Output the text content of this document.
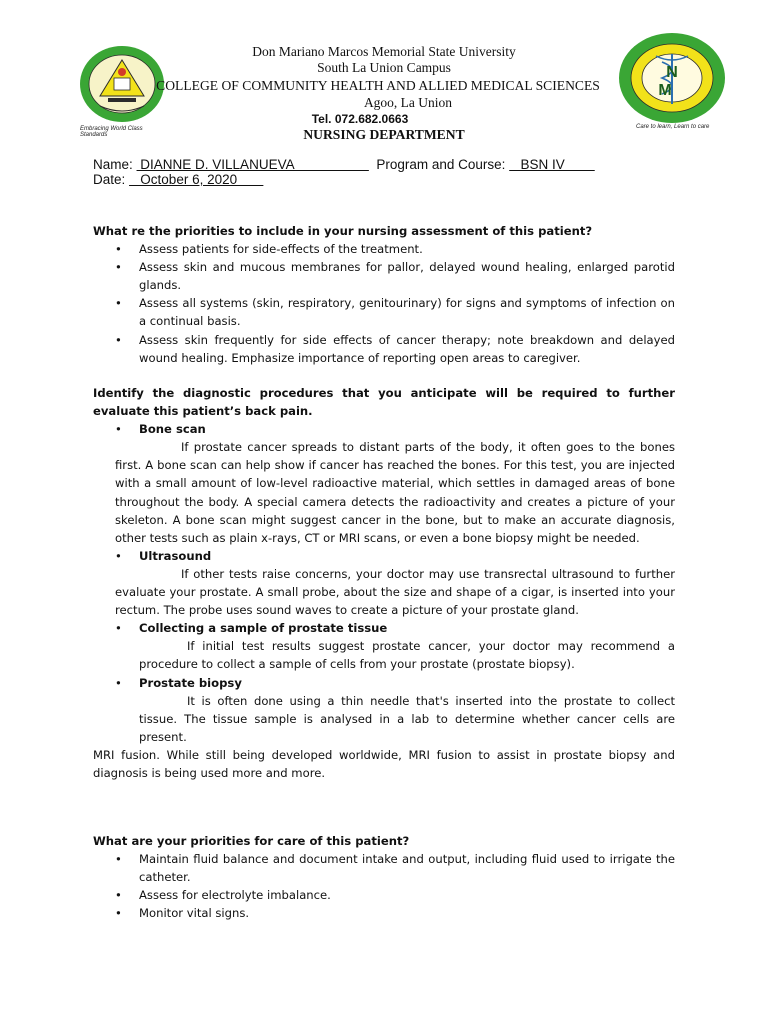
Embracing World Class Standards
N M
Care to learn, Learn to care
Don Mariano Marcos Memorial State University
South La Union Campus
COLLEGE OF COMMUNITY HEALTH AND ALLIED MEDICAL SCIENCES
Agoo, La Union
Tel. 072.682.0663
NURSING DEPARTMENT
Name:  DIANNE D. VILLANUEVA                      Program and Course:    BSN IV
Date:    October 6, 2020

What re the priorities to include in your nursing assessment of this patient?

• Assess patients for side-effects of the treatment.
• Assess skin and mucous membranes for pallor, delayed wound healing, enlarged parotid glands.
• Assess all systems (skin, respiratory, genitourinary) for signs and symptoms of infection on a continual basis.
• Assess skin frequently for side effects of cancer therapy; note breakdown and delayed wound healing. Emphasize importance of reporting open areas to caregiver.

Identify the diagnostic procedures that you anticipate will be required to further evaluate this patient’s back pain.

• Bone scan

If prostate cancer spreads to distant parts of the body, it often goes to the bones first. A bone scan can help show if cancer has reached the bones. For this test, you are injected with a small amount of low-level radioactive material, which settles in damaged areas of bone throughout the body. A special camera detects the radioactivity and creates a picture of your skeleton. A bone scan might suggest cancer in the bone, but to make an accurate diagnosis, other tests such as plain x-rays, CT or MRI scans, or even a bone biopsy might be needed.

• Ultrasound

If other tests raise concerns, your doctor may use transrectal ultrasound to further evaluate your prostate. A small probe, about the size and shape of a cigar, is inserted into your rectum. The probe uses sound waves to create a picture of your prostate gland.

• Collecting a sample of prostate tissue

If initial test results suggest prostate cancer, your doctor may recommend a procedure to collect a sample of cells from your prostate (prostate biopsy).

• Prostate biopsy

It is often done using a thin needle that's inserted into the prostate to collect tissue. The tissue sample is analysed in a lab to determine whether cancer cells are present.

MRI fusion. While still being developed worldwide, MRI fusion to assist in prostate biopsy and diagnosis is being used more and more.

What are your priorities for care of this patient?

• Maintain fluid balance and document intake and output, including fluid used to irrigate the catheter.
• Assess for electrolyte imbalance.
• Monitor vital signs.
